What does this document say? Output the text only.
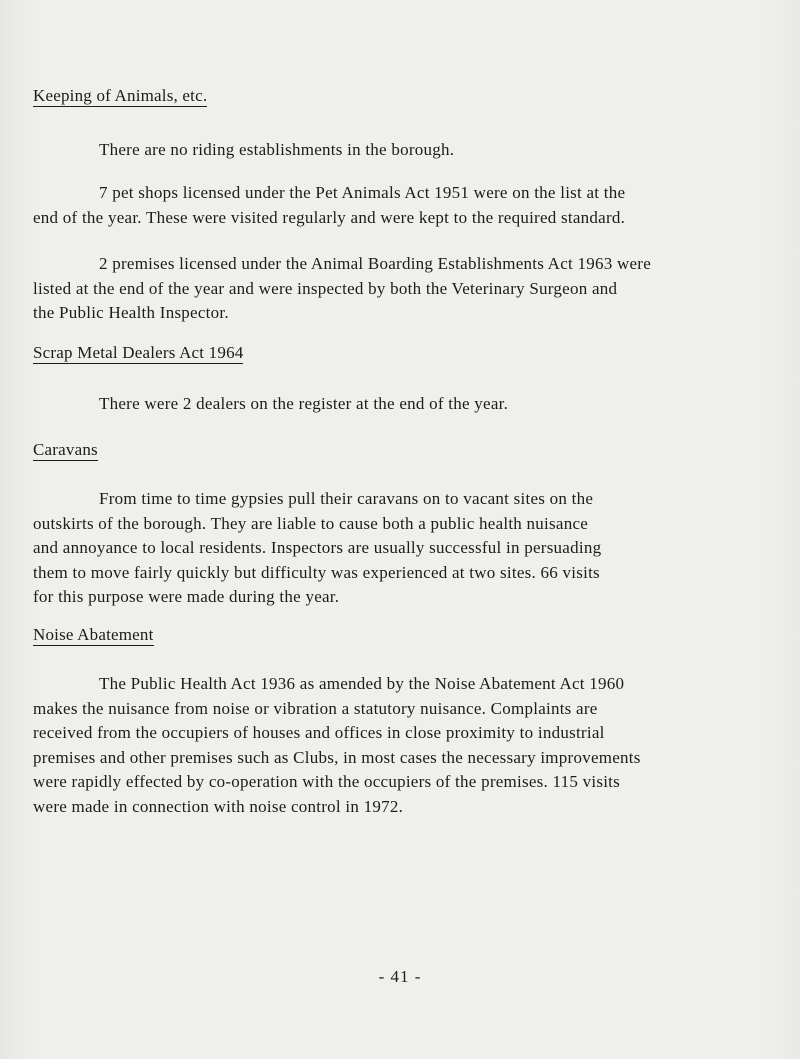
Keeping of Animals, etc.
There are no riding establishments in the borough.
7 pet shops licensed under the Pet Animals Act 1951 were on the list at the
end of the year. These were visited regularly and were kept to the required standard.
2 premises licensed under the Animal Boarding Establishments Act 1963 were
listed at the end of the year and were inspected by both the Veterinary Surgeon and
the Public Health Inspector.
Scrap Metal Dealers Act 1964
There were 2 dealers on the register at the end of the year.
Caravans
From time to time gypsies pull their caravans on to vacant sites on the
outskirts of the borough. They are liable to cause both a public health nuisance
and annoyance to local residents. Inspectors are usually successful in persuading
them to move fairly quickly but difficulty was experienced at two sites. 66 visits
for this purpose were made during the year.
Noise Abatement
The Public Health Act 1936 as amended by the Noise Abatement Act 1960
makes the nuisance from noise or vibration a statutory nuisance. Complaints are
received from the occupiers of houses and offices in close proximity to industrial
premises and other premises such as Clubs, in most cases the necessary improvements
were rapidly effected by co-operation with the occupiers of the premises. 115 visits
were made in connection with noise control in 1972.
- 41 -
